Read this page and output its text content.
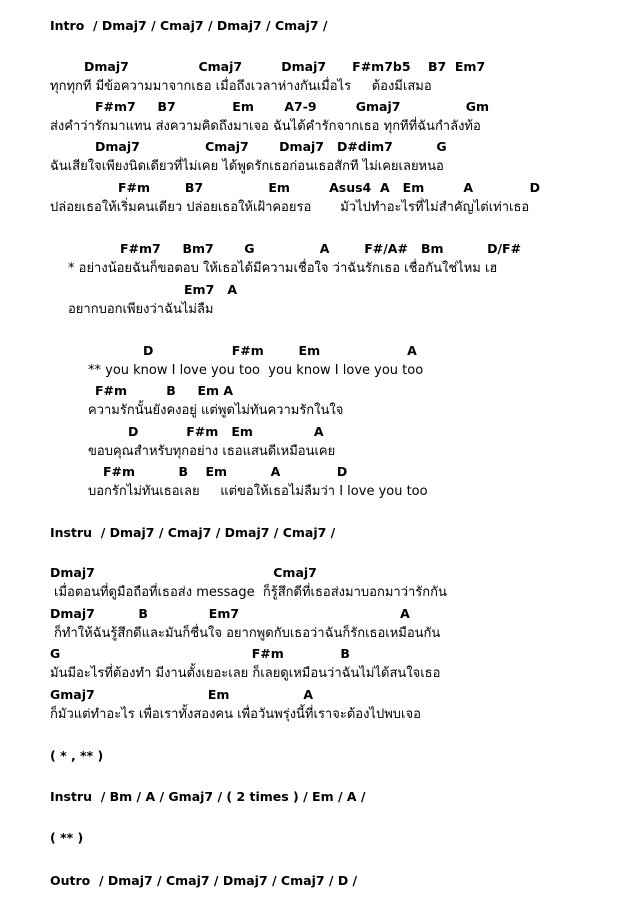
Intro  / Dmaj7 / Cmaj7 / Dmaj7 / Cmaj7 /
Dmaj7                Cmaj7         Dmaj7      F#m7b5    B7  Em7
ทุกทุกที มีข้อความมาจากเธอ เมื่อถึงเวลาห่างกันเมื่อไร     ต้องมีเสมอ
F#m7     B7             Em       A7-9         Gmaj7               Gm
ส่งคำว่ารักมาแทน ส่งความคิดถึงมาเจอ ฉันได้คำรักจากเธอ ทุกทีที่ฉันกำลังท้อ
Dmaj7               Cmaj7       Dmaj7   D#dim7          G
ฉันเสียใจเพียงนิดเดียวที่ไม่เคย ได้พูดรักเธอก่อนเธอสักที ไม่เคยเลยหนอ
F#m        B7               Em         Asus4  A   Em         A             D
ปล่อยเธอให้เริ่มคนเดียว ปล่อยเธอให้เฝ้าคอยรอ       มัวไปทำอะไรที่ไม่สำคัญไต่เท่าเธอ
F#m7     Bm7       G               A        F#/A#   Bm          D/F#
* อย่างน้อยฉันก็ขอตอบ ให้เธอได้มีความเชื่อใจ ว่าฉันรักเธอ เชื่อกันใช่ไหม เฮ
Em7   A
อยากบอกเพียงว่าฉันไม่ลืม
D                  F#m        Em                    A
** you know I love you too  you know I love you too
F#m         B     Em A
ความรักนั้นยังคงอยู่ แต่พูดไม่ทันความรักในใจ
D           F#m   Em              A
ขอบคุณสำหรับทุกอย่าง เธอแสนดีเหมือนเคย
F#m          B    Em          A             D
บอกรักไม่ทันเธอเลย     แต่ขอให้เธอไม่ลืมว่า I love you too
Instru  / Dmaj7 / Cmaj7 / Dmaj7 / Cmaj7 /
Dmaj7                                         Cmaj7
เมื่อตอนที่ดูมือถือที่เธอส่ง message  ก็รู้สึกดีที่เธอส่งมาบอกมาว่ารักกัน
Dmaj7          B              Em7                                     A
ก็ทำให้ฉันรู้สึกดีและมันก็ชื่นใจ อยากพูดกับเธอว่าฉันก็รักเธอเหมือนกัน
G                                            F#m             B
มันมีอะไรที่ต้องทำ มีงานตั้งเยอะเลย ก็เลยดูเหมือนว่าฉันไม่ได้สนใจเธอ
Gmaj7                          Em                 A
ก็มัวแต่ทำอะไร เพื่อเราทั้งสองคน เพื่อวันพรุ่งนี้ที่เราจะต้องไปพบเจอ
( * , ** )
Instru  / Bm / A / Gmaj7 / ( 2 times ) / Em / A /
( ** )
Outro  / Dmaj7 / Cmaj7 / Dmaj7 / Cmaj7 / D /
